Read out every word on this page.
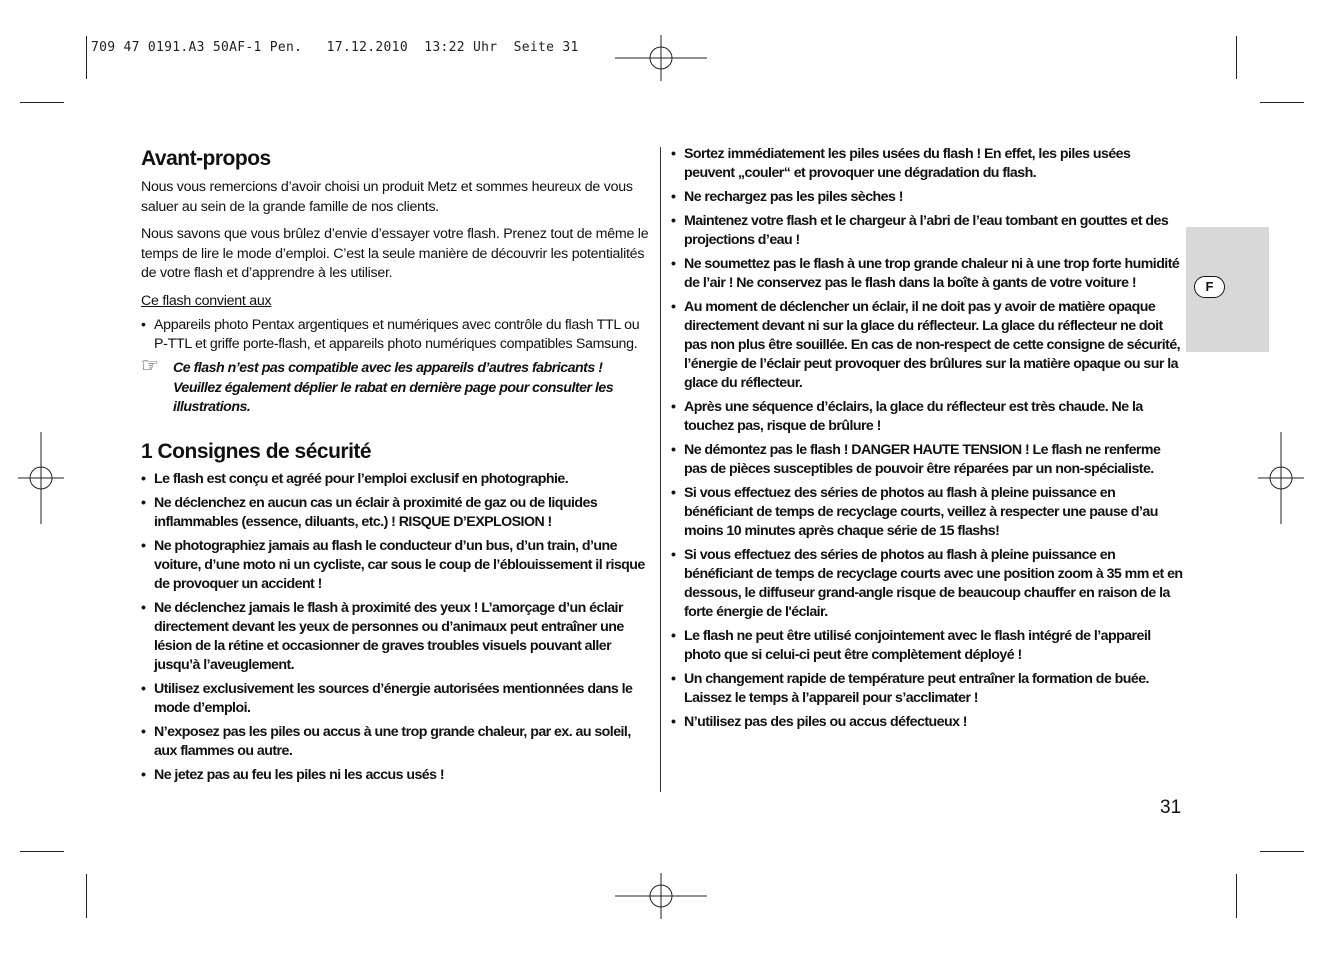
709 47 0191.A3 50AF-1 Pen.   17.12.2010  13:22 Uhr  Seite 31
Avant-propos

Nous vous remercions d’avoir choisi un produit Metz et sommes heureux de vous saluer au sein de la grande famille de nos clients.

Nous savons que vous brûlez d’envie d’essayer votre flash. Prenez tout de même le temps de lire le mode d’emploi. C’est la seule manière de découvrir les potentialités de votre flash et d’apprendre à les utiliser.

Ce flash convient aux

• Appareils photo Pentax argentiques et numériques avec contrôle du flash TTL ou P-TTL et griffe porte-flash, et appareils photo numériques compatibles Samsung.
☞ Ce flash n’est pas compatible avec les appareils d’autres fabricants ! Veuillez également déplier le rabat en dernière page pour consulter les illustrations.
1 Consignes de sécurité
• Le flash est conçu et agréé pour l’emploi exclusif en photographie.
• Ne déclenchez en aucun cas un éclair à proximité de gaz ou de liquides inflammables (essence, diluants, etc.) ! RISQUE D’EXPLOSION !
• Ne photographiez jamais au flash le conducteur d’un bus, d’un train, d’une voiture, d’une moto ni un cycliste, car sous le coup de l’éblouissement il risque de provoquer un accident !
• Ne déclenchez jamais le flash à proximité des yeux ! L’amorçage d’un éclair directement devant les yeux de personnes ou d’animaux peut entraîner une lésion de la rétine et occasionner de graves troubles visuels pouvant aller jusqu’à l’aveuglement.
• Utilisez exclusivement les sources d’énergie autorisées mentionnées dans le mode d’emploi.
• N’exposez pas les piles ou accus à une trop grande chaleur, par ex. au soleil, aux flammes ou autre.
• Ne jetez pas au feu les piles ni les accus usés !
• Sortez immédiatement les piles usées du flash ! En effet, les piles usées peuvent „couler“ et provoquer une dégradation du flash.
• Ne rechargez pas les piles sèches !
• Maintenez votre flash et le chargeur à l’abri de l’eau tombant en gouttes et des projections d’eau !
• Ne soumettez pas le flash à une trop grande chaleur ni à une trop forte humidité de l’air ! Ne conservez pas le flash dans la boîte à gants de votre voiture !
• Au moment de déclencher un éclair, il ne doit pas y avoir de matière opaque directement devant ni sur la glace du réflecteur. La glace du réflecteur ne doit pas non plus être souillée. En cas de non-respect de cette consigne de sécurité, l’énergie de l’éclair peut provoquer des brûlures sur la matière opaque ou sur la glace du réflecteur.
• Après une séquence d’éclairs, la glace du réflecteur est très chaude. Ne la touchez pas, risque de brûlure !
• Ne démontez pas le flash ! DANGER HAUTE TENSION ! Le flash ne renferme pas de pièces susceptibles de pouvoir être réparées par un non-spécialiste.
• Si vous effectuez des séries de photos au flash à pleine puissance en bénéficiant de temps de recyclage courts, veillez à respecter une pause d’au moins 10 minutes après chaque série de 15 flashs!
• Si vous effectuez des séries de photos au flash à pleine puissance en bénéficiant de temps de recyclage courts avec une position zoom à 35 mm et en dessous, le diffuseur grand-angle risque de beaucoup chauffer en raison de la forte énergie de l'éclair.
• Le flash ne peut être utilisé conjointement avec le flash intégré de l’appareil photo que si celui-ci peut être complètement déployé !
• Un changement rapide de température peut entraîner la formation de buée. Laissez le temps à l’appareil pour s’acclimater !
• N’utilisez pas des piles ou accus défectueux !
F
31
